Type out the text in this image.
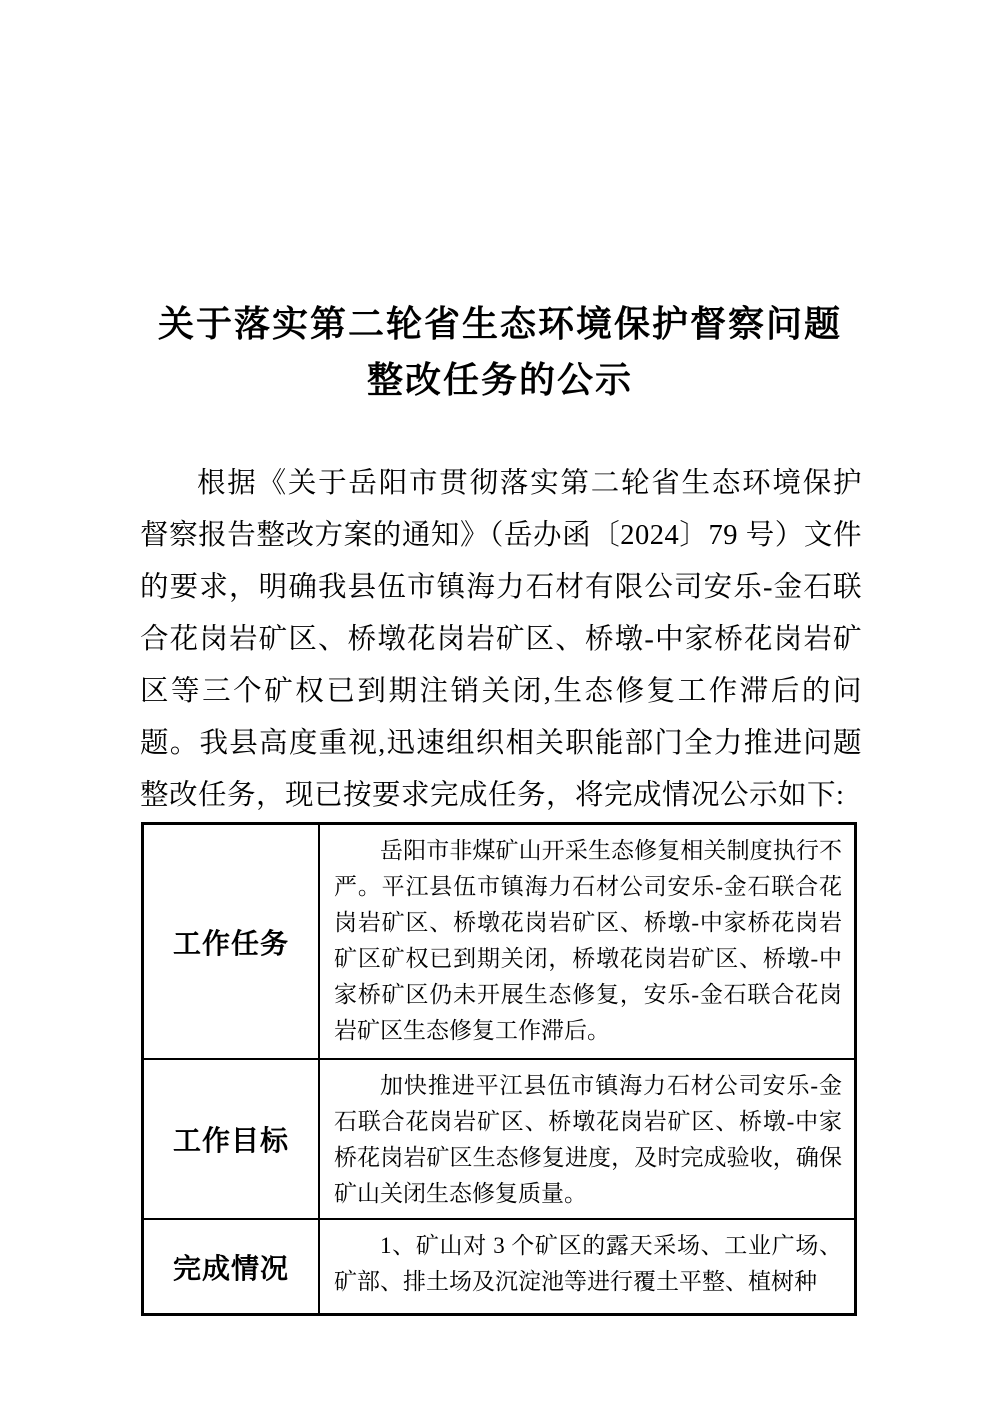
关于落实第二轮省生态环境保护督察问题
整改任务的公示

根据《关于岳阳市贯彻落实第二轮省生态环境保护督察报告整改方案的通知》（岳办函〔2024〕79 号）文件的要求，明确我县伍市镇海力石材有限公司安乐-金石联合花岗岩矿区、桥墩花岗岩矿区、桥墩-中家桥花岗岩矿区等三个矿权已到期注销关闭,生态修复工作滞后的问题。我县高度重视,迅速组织相关职能部门全力推进问题整改任务，现已按要求完成任务，将完成情况公示如下:

工作任务	岳阳市非煤矿山开采生态修复相关制度执行不严。平江县伍市镇海力石材公司安乐-金石联合花岗岩矿区、桥墩花岗岩矿区、桥墩-中家桥花岗岩矿区矿权已到期关闭，桥墩花岗岩矿区、桥墩-中家桥矿区仍未开展生态修复，安乐-金石联合花岗岩矿区生态修复工作滞后。

工作目标	加快推进平江县伍市镇海力石材公司安乐-金石联合花岗岩矿区、桥墩花岗岩矿区、桥墩-中家桥花岗岩矿区生态修复进度，及时完成验收，确保矿山关闭生态修复质量。

完成情况	1、矿山对 3 个矿区的露天采场、工业广场、矿部、排土场及沉淀池等进行覆土平整、植树种
